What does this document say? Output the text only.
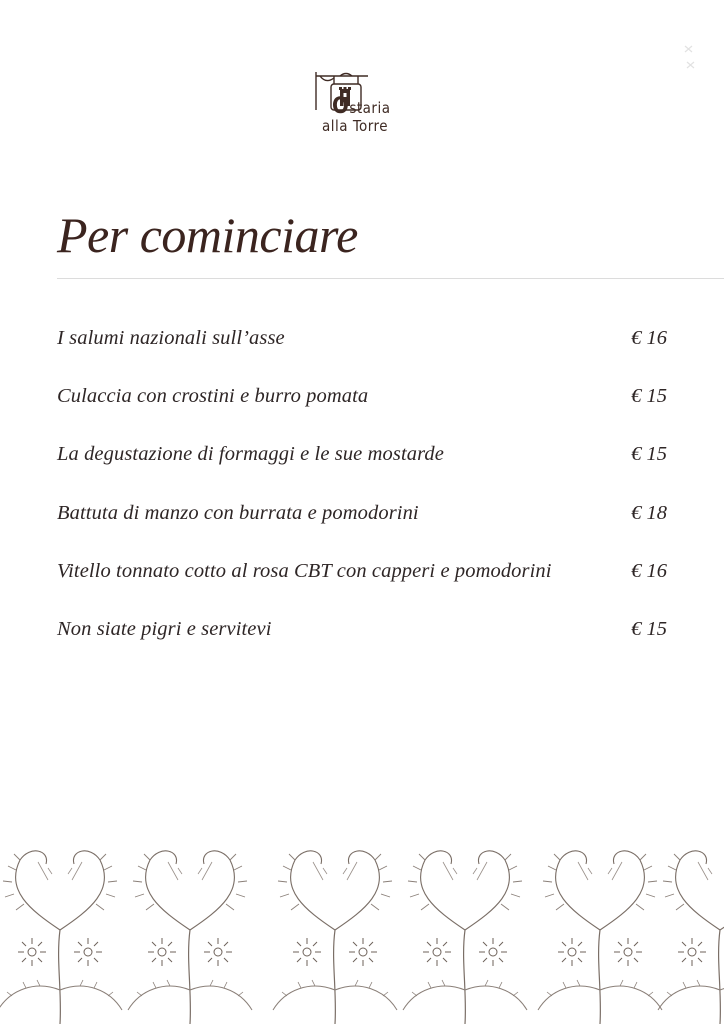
Ostaria

alla Torre

Per cominciare
I salumi nazionali sull’asse	€ 16
Culaccia con crostini e burro pomata	€ 15
La degustazione di formaggi e le sue mostarde	€ 15
Battuta di manzo con burrata e pomodorini	€ 18
Vitello tonnato cotto al rosa CBT con capperi e pomodorini	€ 16
Non siate pigri e servitevi	€ 15
